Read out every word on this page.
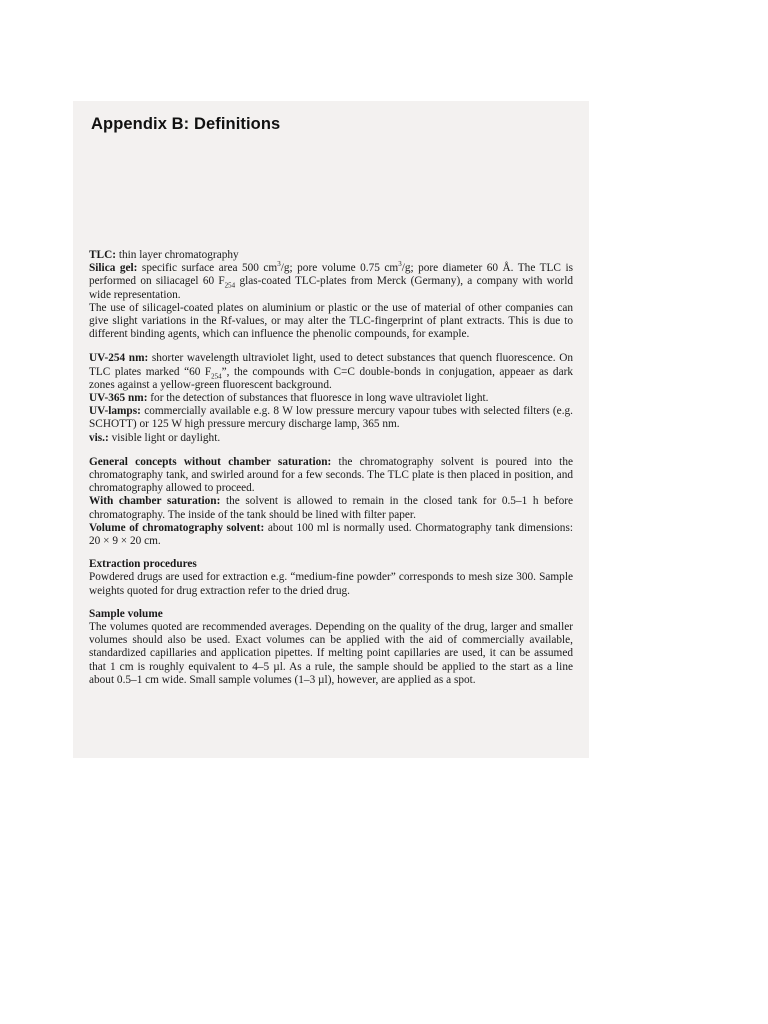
Appendix B: Definitions

TLC: thin layer chromatography

Silica gel: specific surface area 500 $cm^3/g$; pore volume 0.75 $cm^3/g$; pore diameter 60 Å. The TLC is performed on siliacagel 60 $F_{254}$ glas-coated TLC-plates from Merck (Germany), a company with world wide representation.

The use of silicagel-coated plates on aluminium or plastic or the use of material of other companies can give slight variations in the Rf-values, or may alter the TLC-fingerprint of plant extracts. This is due to different binding agents, which can influence the phenolic compounds, for example.

UV-254 nm: shorter wavelength ultraviolet light, used to detect substances that quench fluorescence. On TLC plates marked “60 $F_{254}$”, the compounds with C=C double-bonds in conjugation, appeaer as dark zones against a yellow-green fluorescent background.

UV-365 nm: for the detection of substances that fluoresce in long wave ultraviolet light.

UV-lamps: commercially available e.g. 8 W low pressure mercury vapour tubes with selected filters (e.g. SCHOTT) or 125 W high pressure mercury discharge lamp, 365 nm.

vis.: visible light or daylight.

General concepts without chamber saturation: the chromatography solvent is poured into the chromatography tank, and swirled around for a few seconds. The TLC plate is then placed in position, and chromatography allowed to proceed.

With chamber saturation: the solvent is allowed to remain in the closed tank for 0.5–1 h before chromatography. The inside of the tank should be lined with filter paper.

Volume of chromatography solvent: about 100 ml is normally used. Chormatography tank dimensions: 20 × 9 × 20 cm.

Extraction procedures

Powdered drugs are used for extraction e.g. “medium-fine powder” corresponds to mesh size 300. Sample weights quoted for drug extraction refer to the dried drug.

Sample volume

The volumes quoted are recommended averages. Depending on the quality of the drug, larger and smaller volumes should also be used. Exact volumes can be applied with the aid of commercially available, standardized capillaries and application pipettes. If melting point capillaries are used, it can be assumed that 1 cm is roughly equivalent to 4–5 µl. As a rule, the sample should be applied to the start as a line about 0.5–1 cm wide. Small sample volumes (1–3 µl), however, are applied as a spot.
